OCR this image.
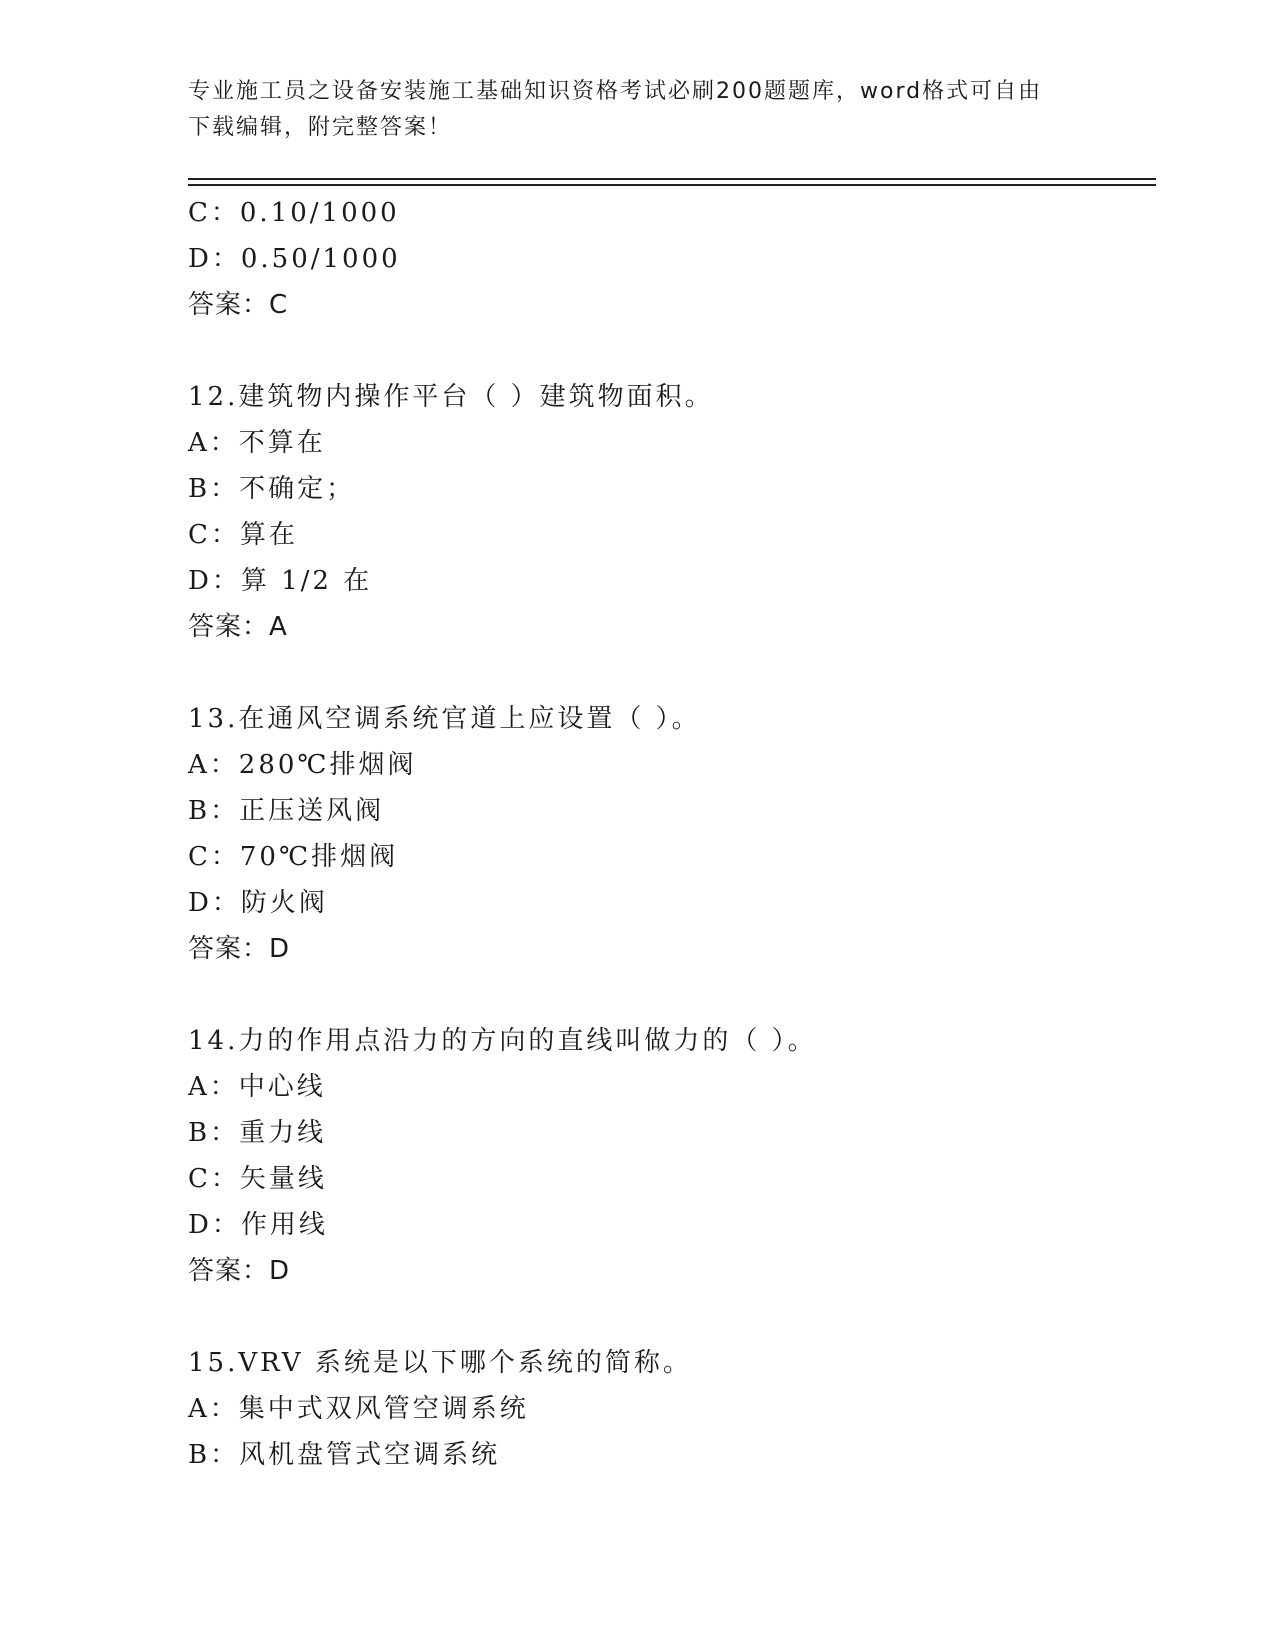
专业施工员之设备安装施工基础知识资格考试必刷200题题库，word格式可自由
下载编辑，附完整答案！
C：0.10/1000
D：0.50/1000
答案：C
12.建筑物内操作平台（ ）建筑物面积。
A：不算在
B：不确定；
C：算在
D：算 1/2 在
答案：A
13.在通风空调系统官道上应设置（ ）。
A：280℃排烟阀
B：正压送风阀
C：70℃排烟阀
D：防火阀
答案：D
14.力的作用点沿力的方向的直线叫做力的（ ）。
A：中心线
B：重力线
C：矢量线
D：作用线
答案：D
15.VRV 系统是以下哪个系统的简称。
A：集中式双风管空调系统
B：风机盘管式空调系统
